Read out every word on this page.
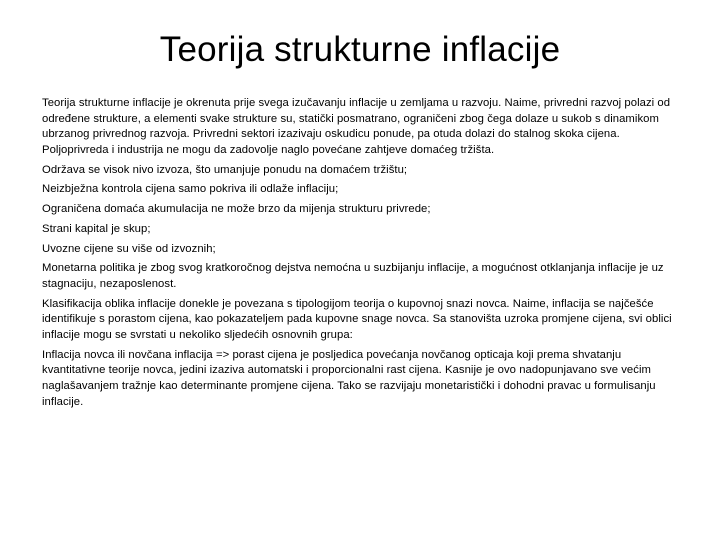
Teorija strukturne inflacije

Teorija strukturne inflacije je okrenuta prije svega izučavanju inflacije u zemljama u razvoju. Naime, privredni razvoj polazi od određene strukture, a elementi svake strukture su, statički posmatrano, ograničeni zbog čega dolaze u sukob s dinamikom ubrzanog privrednog razvoja. Privredni sektori izazivaju oskudicu ponude, pa otuda dolazi do stalnog skoka cijena. Poljoprivreda i industrija ne mogu da zadovolje naglo povećane zahtjeve domaćeg tržišta.

Održava se visok nivo izvoza, što umanjuje ponudu na domaćem tržištu;

Neizbježna kontrola cijena samo pokriva ili odlaže inflaciju;

Ograničena domaća akumulacija ne može brzo da mijenja strukturu privrede;

Strani kapital je skup;

Uvozne cijene su više od izvoznih;

Monetarna politika je zbog svog kratkoročnog dejstva nemoćna u suzbijanju inflacije, a mogućnost otklanjanja inflacije je uz stagnaciju, nezaposlenost.

Klasifikacija oblika inflacije donekle je povezana s tipologijom teorija o kupovnoj snazi novca. Naime, inflacija se najčešće identifikuje s porastom cijena, kao pokazateljem pada kupovne snage novca. Sa stanovišta uzroka promjene cijena, svi oblici inflacije mogu se svrstati u nekoliko sljedećih osnovnih grupa:

Inflacija novca ili novčana inflacija => porast cijena je posljedica povećanja novčanog opticaja koji prema shvatanju kvantitativne teorije novca, jedini izaziva automatski i proporcionalni rast cijena. Kasnije je ovo nadopunjavano sve većim naglašavanjem tražnje kao determinante promjene cijena. Tako se razvijaju monetaristički i dohodni pravac u formulisanju inflacije.
